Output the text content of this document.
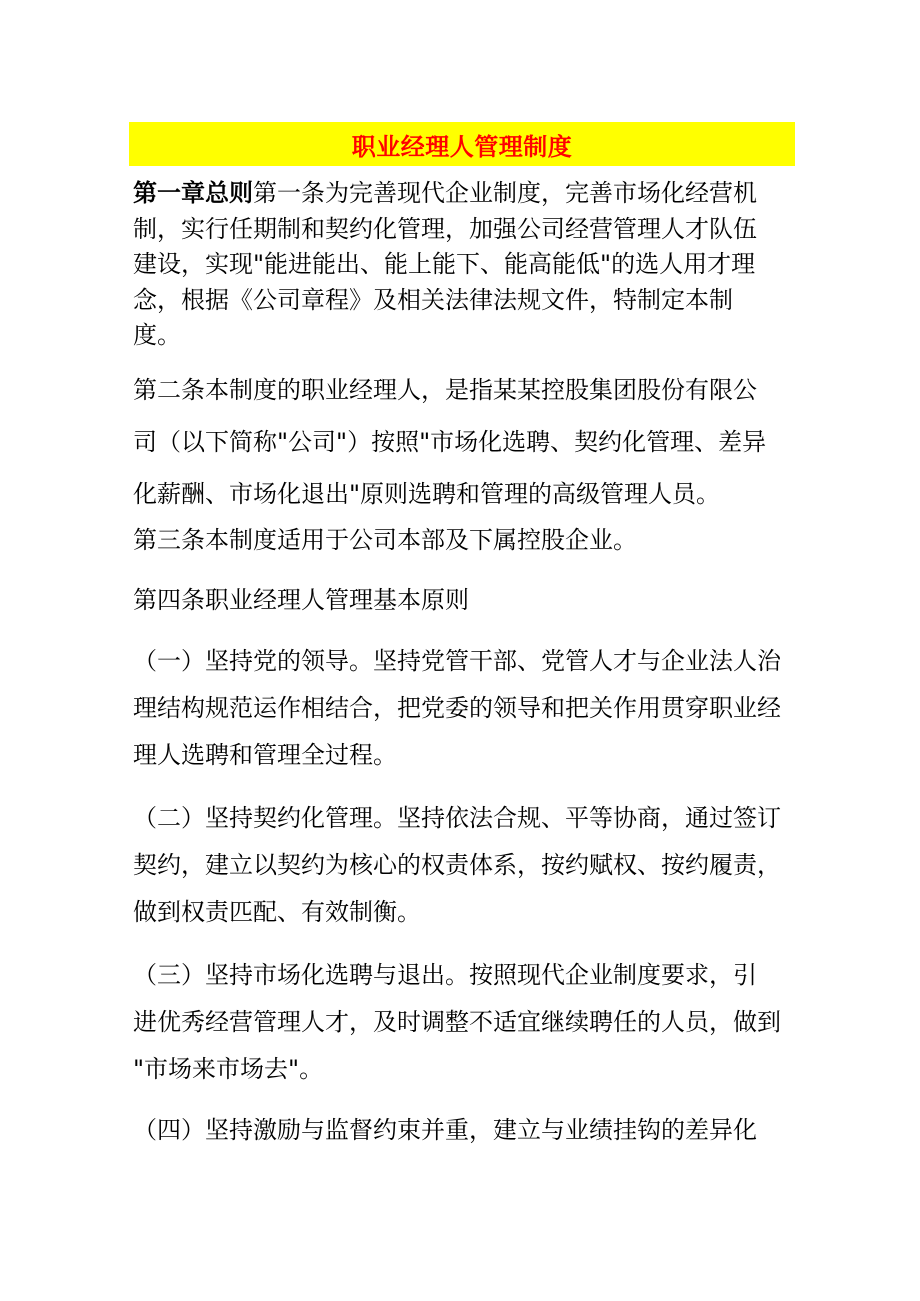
职业经理人管理制度

第一章总则第一条为完善现代企业制度，完善市场化经营机
制，实行任期制和契约化管理，加强公司经营管理人才队伍
建设，实现"能进能出、能上能下、能高能低"的选人用才理
念，根据《公司章程》及相关法律法规文件，特制定本制
度。

第二条本制度的职业经理人，是指某某控股集团股份有限公
司（以下简称"公司"）按照"市场化选聘、契约化管理、差异
化薪酬、市场化退出"原则选聘和管理的高级管理人员。

第三条本制度适用于公司本部及下属控股企业。

第四条职业经理人管理基本原则

（一）坚持党的领导。坚持党管干部、党管人才与企业法人治
理结构规范运作相结合，把党委的领导和把关作用贯穿职业经
理人选聘和管理全过程。

（二）坚持契约化管理。坚持依法合规、平等协商，通过签订
契约，建立以契约为核心的权责体系，按约赋权、按约履责，
做到权责匹配、有效制衡。

（三）坚持市场化选聘与退出。按照现代企业制度要求，引
进优秀经营管理人才，及时调整不适宜继续聘任的人员，做到
"市场来市场去"。

（四）坚持激励与监督约束并重，建立与业绩挂钩的差异化
